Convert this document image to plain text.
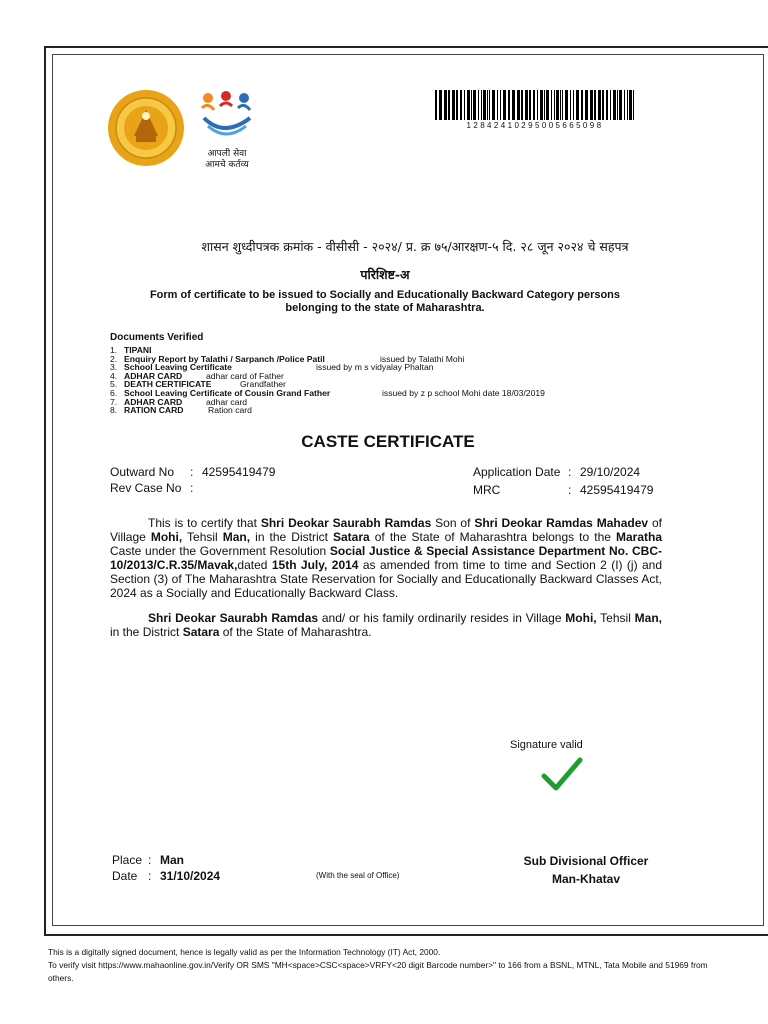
आपली सेवा
आमचे कर्तव्य
12842410295005665098
शासन शुध्दीपत्रक क्रमांक - वीसीसी - २०२४/ प्र. क्र ७५/आरक्षण-५ दि. २८ जून २०२४ चे सहपत्र
परिशिष्ट-अ
Form of certificate to be issued to Socially and Educationally Backward Category persons
belonging to the state of Maharashtra.
Documents Verified
1. TIPANI
2. Enquiry Report by Talathi / Sarpanch /Police Patil	issued by Talathi Mohi
3. School Leaving Certificate	issued by m s vidyalay Phaltan
4. ADHAR CARD	adhar card of Father
5. DEATH CERTIFICATE	Grandfather
6. School Leaving Certificate of Cousin Grand Father	issued by z p school Mohi date 18/03/2019
7. ADHAR CARD	adhar card
8. RATION CARD	Ration card
CASTE CERTIFICATE
Outward No : 42595419479
Rev Case No :
Application Date : 29/10/2024
MRC	: 42595419479
This is to certify that Shri Deokar Saurabh Ramdas Son of Shri Deokar Ramdas Mahadev of Village Mohi, Tehsil Man, in the District Satara of the State of Maharashtra belongs to the Maratha Caste under the Government Resolution Social Justice & Special Assistance Department No. CBC-10/2013/C.R.35/Mavak,dated 15th July, 2014 as amended from time to time and Section 2 (I) (j) and Section (3) of The Maharashtra State Reservation for Socially and Educationally Backward Classes Act, 2024 as a Socially and Educationally Backward Class.
Shri Deokar Saurabh Ramdas and/ or his family ordinarily resides in Village Mohi, Tehsil Man, in the District Satara of the State of Maharashtra.
Signature valid
Place : Man
Date : 31/10/2024	(With the seal of Office)
Sub Divisional Officer
Man-Khatav
This is a digitally signed document, hence is legally valid as per the Information Technology (IT) Act, 2000.
To verify visit https://www.mahaonline.gov.in/Verify OR SMS "MH<space>CSC<space>VRFY<20 digit Barcode number>" to 166 from a BSNL, MTNL, Tata Mobile and 51969 from others.
